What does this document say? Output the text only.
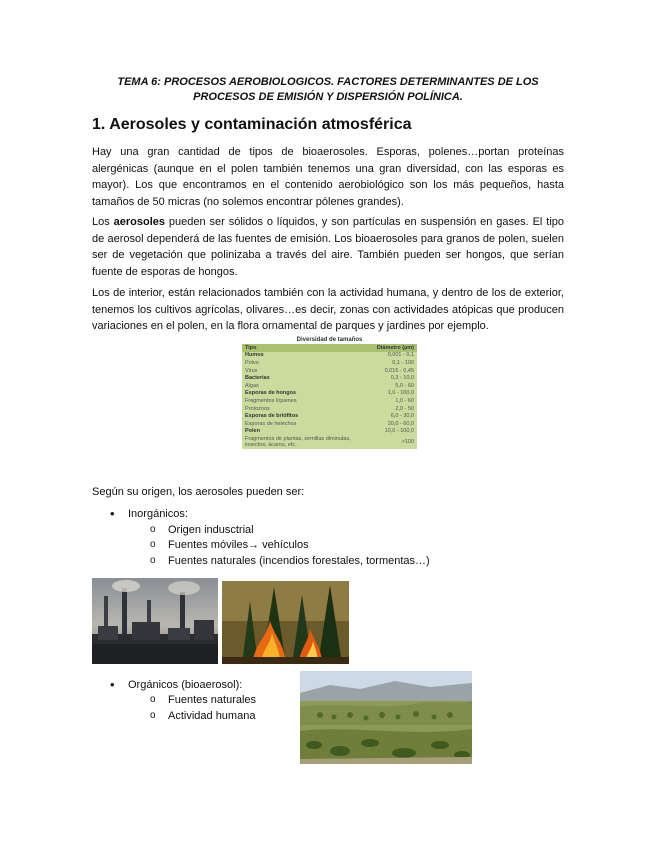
TEMA 6: PROCESOS AEROBIOLOGICOS. FACTORES DETERMINANTES DE LOS PROCESOS DE EMISIÓN Y DISPERSIÓN POLÍNICA.
1. Aerosoles y contaminación atmosférica
Hay una gran cantidad de tipos de bioaerosoles. Esporas, polenes…portan proteínas alergénicas (aunque en el polen también tenemos una gran diversidad, con las esporas es mayor). Los que encontramos en el contenido aerobiológico son los más pequeños, hasta tamaños de 50 micras (no solemos encontrar pólenes grandes).
Los aerosoles pueden ser sólidos o líquidos, y son partículas en suspensión en gases. El tipo de aerosol dependerá de las fuentes de emisión. Los bioaerosoles para granos de polen, suelen ser de vegetación que polinizaba a través del aire. También pueden ser hongos, que serían fuente de esporas de hongos.
Los de interior, están relacionados también con la actividad humana, y dentro de los de exterior, tenemos los cultivos agrícolas, olivares…es decir, zonas con actividades atópicas que producen variaciones en el polen, en la flora ornamental de parques y jardines por ejemplo.
Diversidad de tamaños
Tipo	Diámetro (µm)
Humos	0,001 - 0,1
Polvo	0,1 - 100
Virus	0,015 - 0,45
Bacterias	0,3 - 10,0
Algas	5,0 - 60
Esporas de hongos	1,0 - 100,0
Fragmentos líquenes	1,0 - 60
Protozoos	2,0 - 50
Esporas de briófitos	6,0 - 30,0
Esporas de helechos	20,0 - 60,0
Polen	10,0 - 100,0
Fragmentos de plantas, semillas diminutas, insectos, ácaros, etc.	>100
Según su origen, los aerosoles pueden ser:
• Inorgánicos:
o Origen indusctrial
o Fuentes móviles→ vehículos
o Fuentes naturales (incendios forestales, tormentas…)
• Orgánicos (bioaerosol):
o Fuentes naturales
o Actividad humana
